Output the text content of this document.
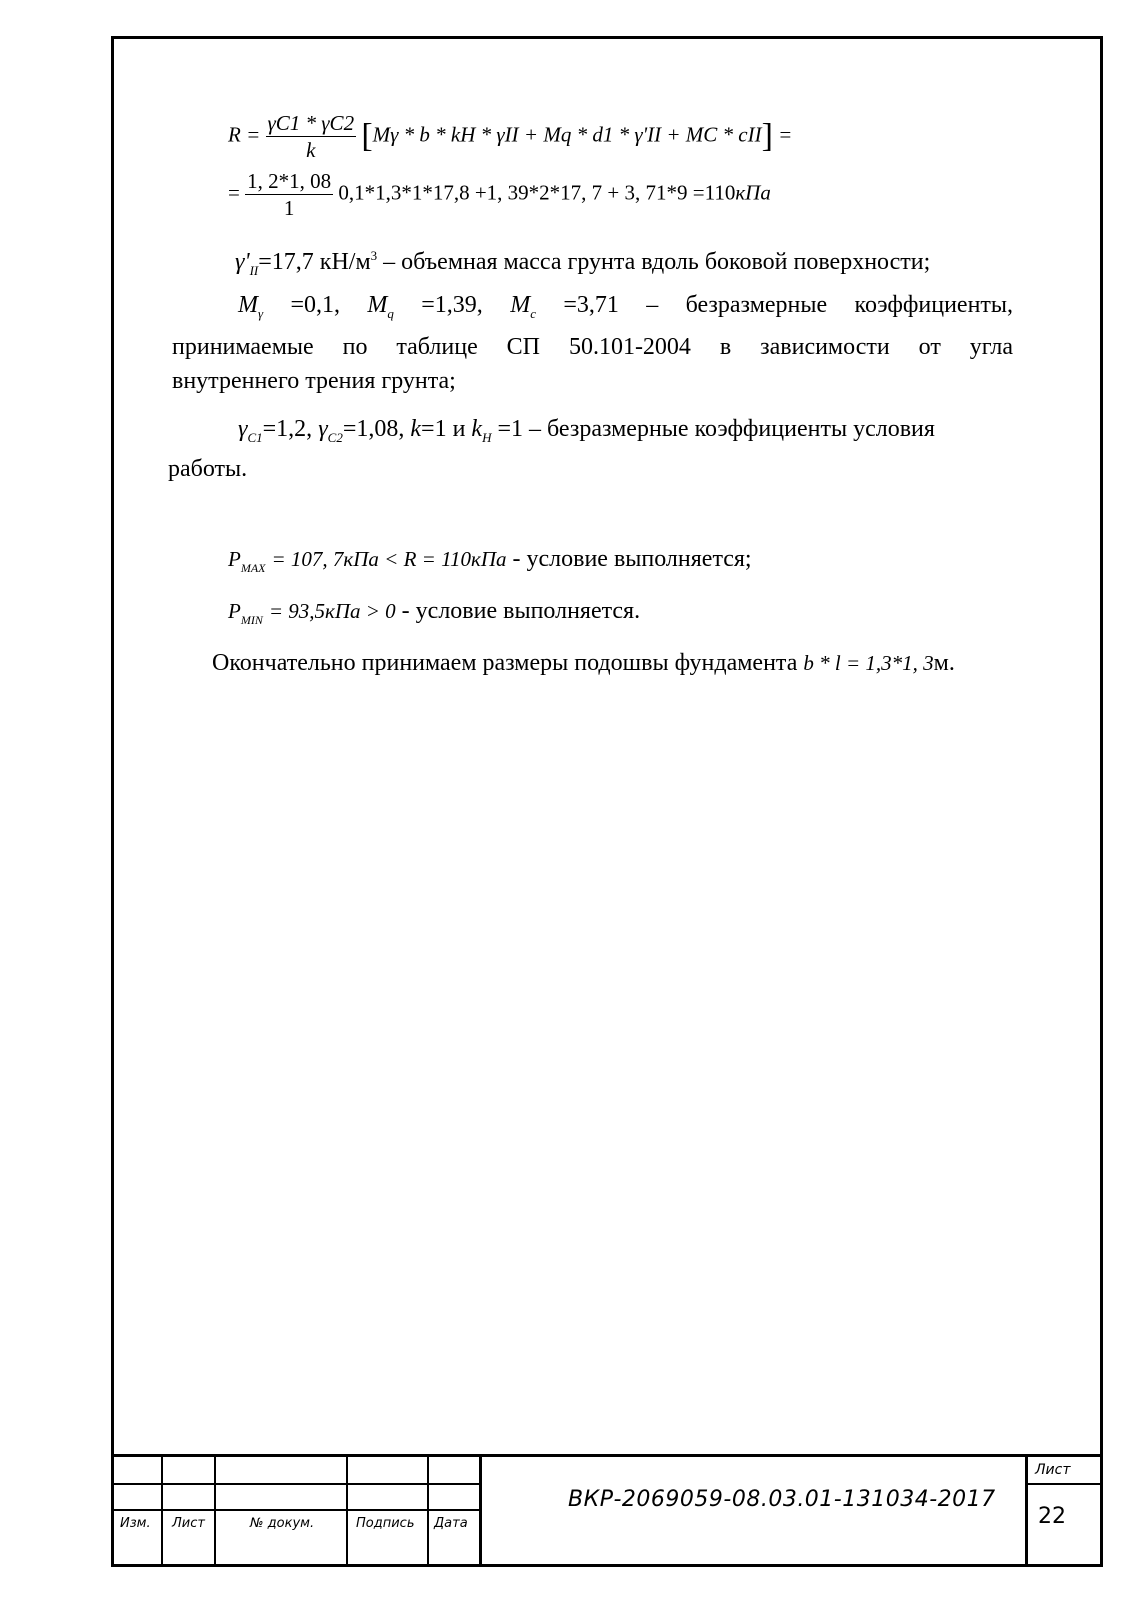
$R = \frac{\gamma C1 * \gamma C2}{k} [M\gamma * b$ * kH * γII + Mq * d1 * γ'II + MC * cII] =
= $\frac{1, 2*1, 08}{1} 0,1*1,3*1*17,8 +1$, 39*2*17, 7 + 3, 71*9 =110кПа
$\gamma'_{II}=17,7$ $кН/м^3$ – объемная масса грунта вдоль боковой поверхности;
$M_\gamma =0,1$, $M_q =1,39$, $M_c =3,71$ – безразмерные коэффициенты,
принимаемые по таблице СП 50.101-2004 в зависимости от угла
внутреннего трения грунта;
$\gamma_{C1}=1,2$, $\gamma_{C2}=1,08$, k=1 и $k_H =1$ – безразмерные коэффициенты условия
работы.
$P_{MAX} = 107$, 7кПа < R = 110кПа - условие выполняется;
$P_{MIN} = 93,5кПа > 0$ - условие выполняется.
Окончательно принимаем размеры подошвы фундамента b * l = 1,3*1, 3м.
Изм. Лист	№ докум.	Подпись Дата
ВКР-2069059-08.03.01-131034-2017
Лист
22
